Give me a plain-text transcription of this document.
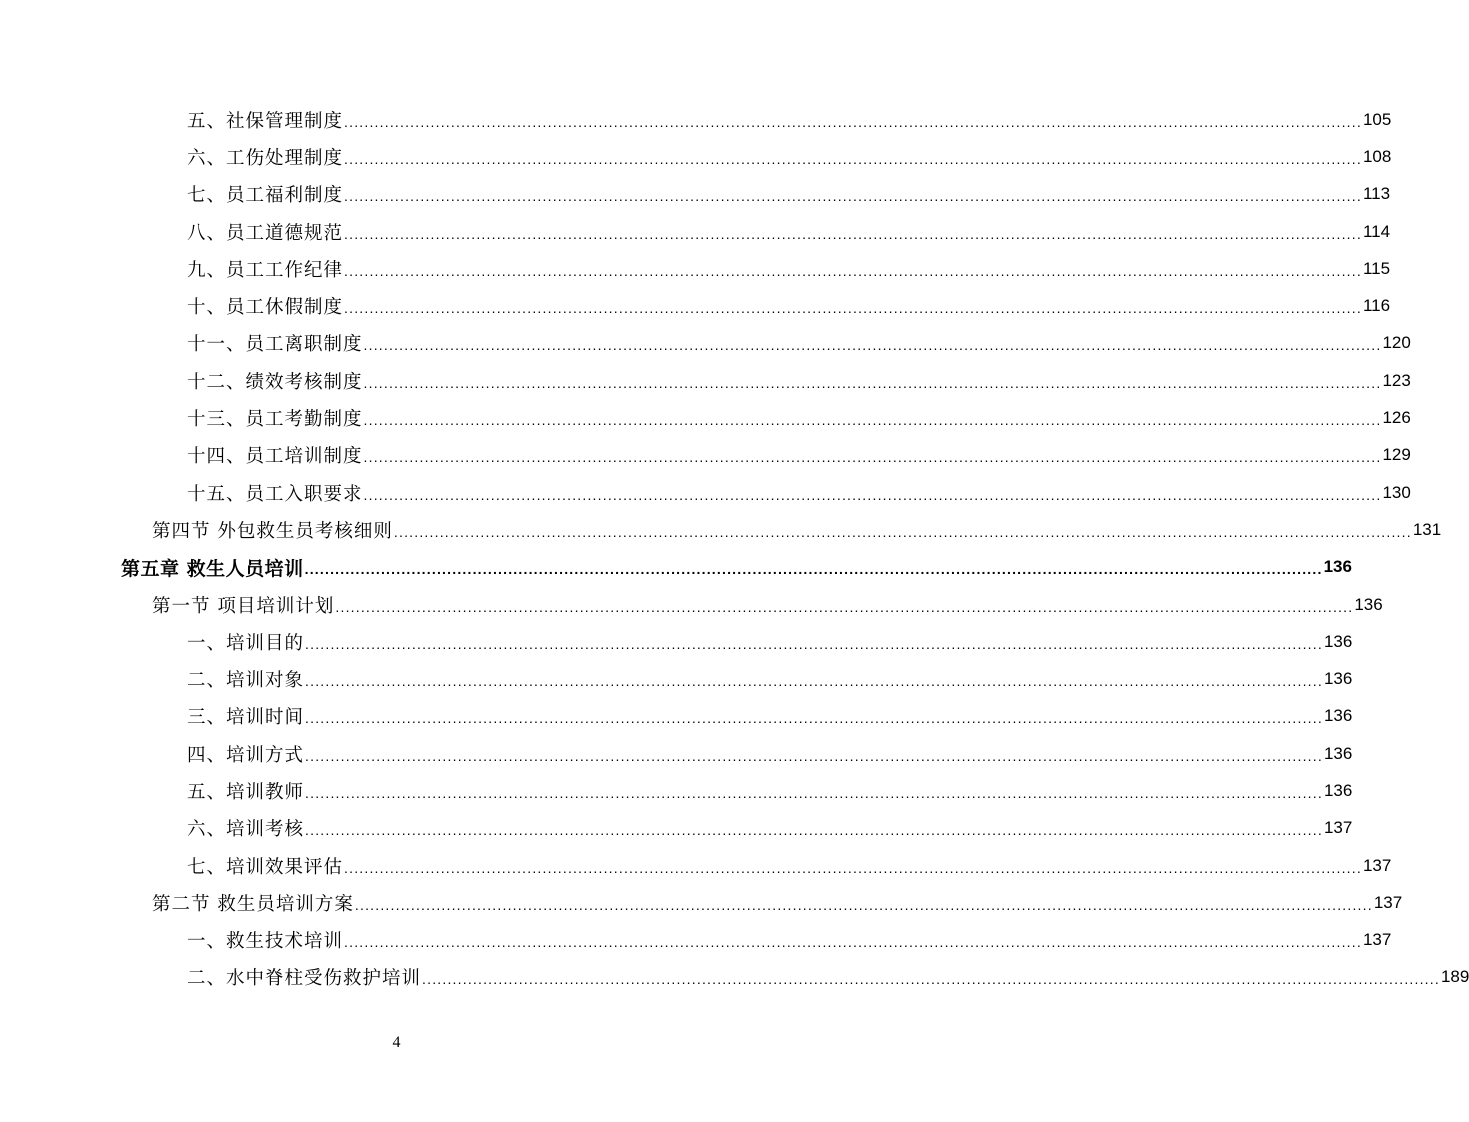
五、社保管理制度 ........................................................................................................................................................................................................ 105
六、工伤处理制度 ........................................................................................................................................................................................................ 108
七、员工福利制度 ........................................................................................................................................................................................................ 113
八、员工道德规范 ........................................................................................................................................................................................................ 114
九、员工工作纪律 ........................................................................................................................................................................................................ 115
十、员工休假制度 ........................................................................................................................................................................................................ 116
十一、员工离职制度 ........................................................................................................................................................................................................ 120
十二、绩效考核制度 ........................................................................................................................................................................................................ 123
十三、员工考勤制度 ........................................................................................................................................................................................................ 126
十四、员工培训制度 ........................................................................................................................................................................................................ 129
十五、员工入职要求 ........................................................................................................................................................................................................ 130
第四节 外包救生员考核细则 ........................................................................................................................................................................................................ 131
第五章 救生人员培训 ........................................................................................................................................................................................................ 136
第一节 项目培训计划 ........................................................................................................................................................................................................ 136
一、培训目的 ........................................................................................................................................................................................................ 136
二、培训对象 ........................................................................................................................................................................................................ 136
三、培训时间 ........................................................................................................................................................................................................ 136
四、培训方式 ........................................................................................................................................................................................................ 136
五、培训教师 ........................................................................................................................................................................................................ 136
六、培训考核 ........................................................................................................................................................................................................ 137
七、培训效果评估 ........................................................................................................................................................................................................ 137
第二节 救生员培训方案 ........................................................................................................................................................................................................ 137
一、救生技术培训 ........................................................................................................................................................................................................ 137
二、水中脊柱受伤救护培训 ........................................................................................................................................................................................................ 189
4
